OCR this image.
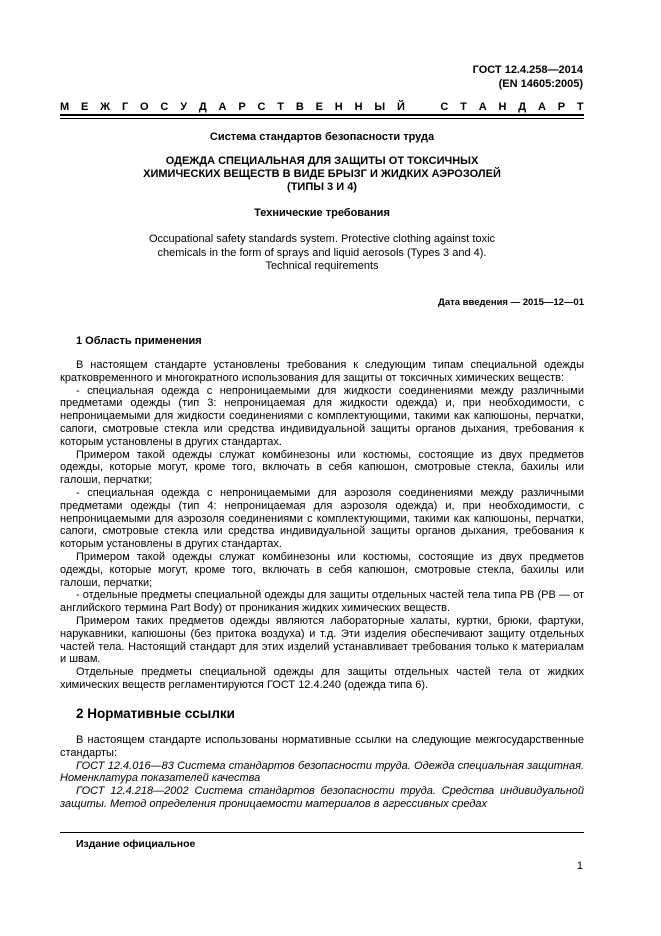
ГОСТ 12.4.258—2014
(EN 14605:2005)
М Е Ж Г О С У Д А Р С Т В Е Н Н Ы Й	С Т А Н Д А Р Т
Система стандартов безопасности труда
ОДЕЖДА СПЕЦИАЛЬНАЯ ДЛЯ ЗАЩИТЫ ОТ ТОКСИЧНЫХ
ХИМИЧЕСКИХ ВЕЩЕСТВ В ВИДЕ БРЫЗГ И ЖИДКИХ АЭРОЗОЛЕЙ
(ТИПЫ 3 И 4)
Технические требования
Occupational safety standards system. Protective clothing against toxic
chemicals in the form of sprays and liquid aerosols (Types 3 and 4).
Technical requirements
Дата введения — 2015—12—01
1 Область применения

В настоящем стандарте установлены требования к следующим типам специальной одежды кратковременного и многократного использования для защиты от токсичных химических веществ:

- специальная одежда с непроницаемыми для жидкости соединениями между различными предметами одежды (тип 3: непроницаемая для жидкости одежда) и, при необходимости, с непроницаемыми для жидкости соединениями с комплектующими, такими как капюшоны, перчатки, сапоги, смотровые стекла или средства индивидуальной защиты органов дыхания, требования к которым установлены в других стандартах.

Примером такой одежды служат комбинезоны или костюмы, состоящие из двух предметов одежды, которые могут, кроме того, включать в себя капюшон, смотровые стекла, бахилы или галоши, перчатки;

- специальная одежда с непроницаемыми для аэрозоля соединениями между различными предметами одежды (тип 4: непроницаемая для аэрозоля одежда) и, при необходимости, с непроницаемыми для аэрозоля соединениями с комплектующими, такими как капюшоны, перчатки, сапоги, смотровые стекла или средства индивидуальной защиты органов дыхания, требования к которым установлены в других стандартах.

Примером такой одежды служат комбинезоны или костюмы, состоящие из двух предметов одежды, которые могут, кроме того, включать в себя капюшон, смотровые стекла, бахилы или галоши, перчатки;

- отдельные предметы специальной одежды для защиты отдельных частей тела типа PB (PB — от английского термина Part Body) от проникания жидких химических веществ.

Примером таких предметов одежды являются лабораторные халаты, куртки, брюки, фартуки, нарукавники, капюшоны (без притока воздуха) и т.д. Эти изделия обеспечивают защиту отдельных частей тела. Настоящий стандарт для этих изделий устанавливает требования только к материалам и швам.

Отдельные предметы специальной одежды для защиты отдельных частей тела от жидких химических веществ регламентируются ГОСТ 12.4.240 (одежда типа 6).

2 Нормативные ссылки

В настоящем стандарте использованы нормативные ссылки на следующие межгосударственные стандарты:

ГОСТ 12.4.016—83 Система стандартов безопасности труда. Одежда специальная защитная. Номенклатура показателей качества

ГОСТ 12.4.218—2002 Система стандартов безопасности труда. Средства индивидуальной защиты. Метод определения проницаемости материалов в агрессивных средах

Издание официальное
1
